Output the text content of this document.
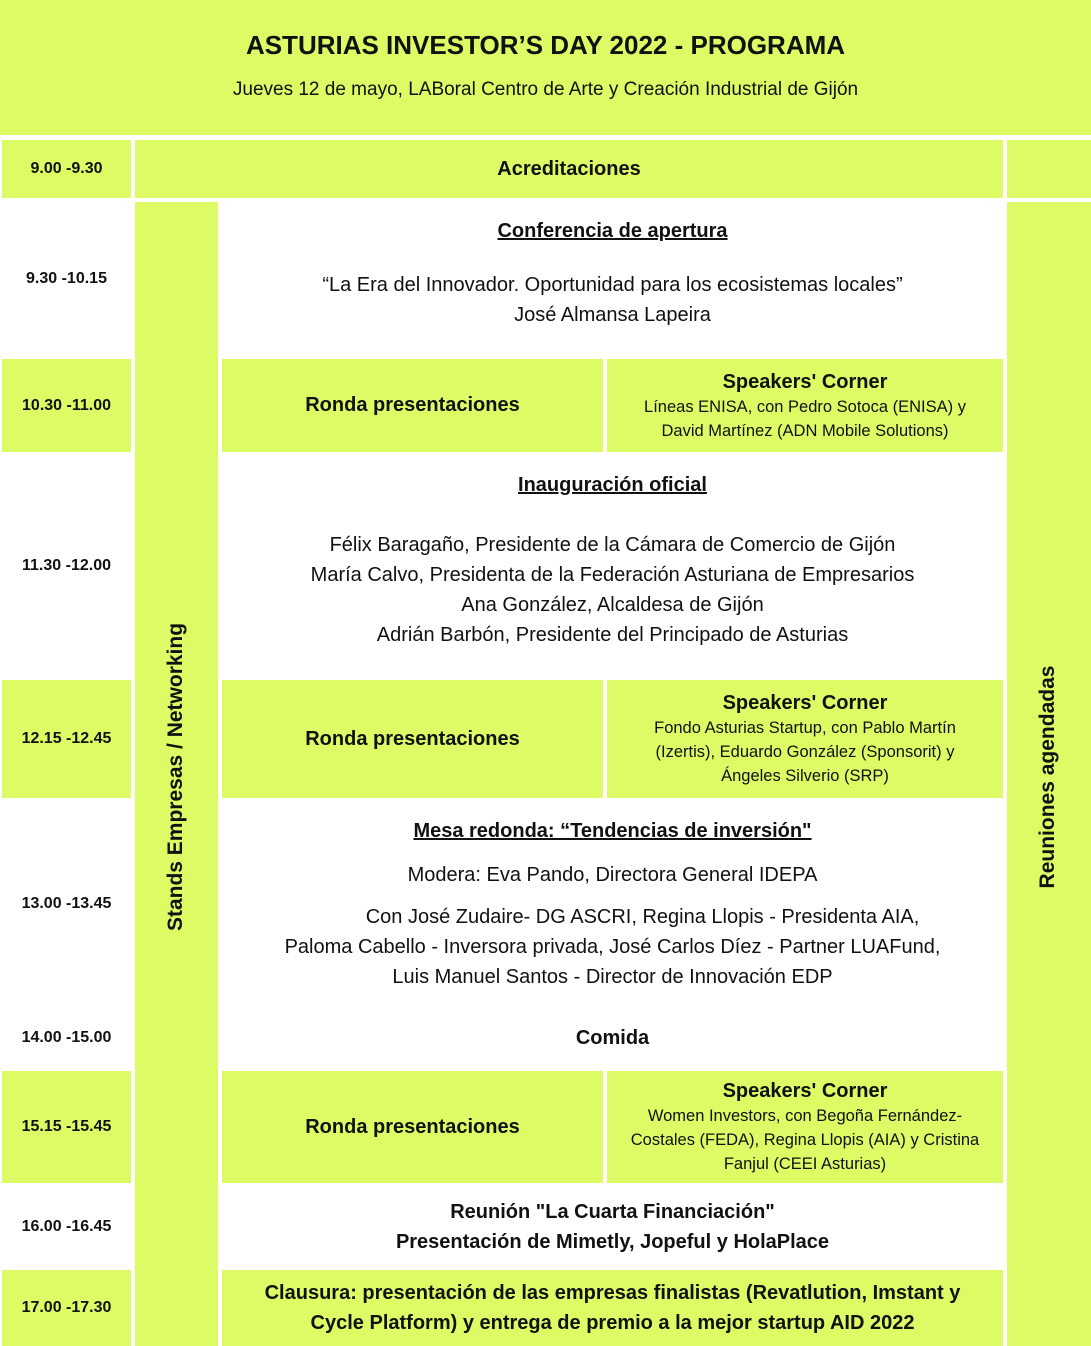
ASTURIAS INVESTOR’S DAY 2022 - PROGRAMA
Jueves 12 de mayo, LABoral Centro de Arte y Creación Industrial de Gijón
9.00 -9.30
9.30 -10.15
10.30 -11.00
11.30 -12.00
12.15 -12.45
13.00 -13.45
14.00 -15.00
15.15 -15.45
16.00 -16.45
17.00 -17.30
Acreditaciones
Stands Empresas / Networking	Reuniones agendadas
Conferencia de apertura
“La Era del Innovador. Oportunidad para los ecosistemas locales”
José Almansa Lapeira
Ronda presentaciones
Speakers' Corner
Líneas ENISA, con Pedro Sotoca (ENISA) y
David Martínez (ADN Mobile Solutions)
Inauguración oficial
Félix Baragaño, Presidente de la Cámara de Comercio de Gijón
María Calvo, Presidenta de la Federación Asturiana de Empresarios
Ana González, Alcaldesa de Gijón
Adrián Barbón, Presidente del Principado de Asturias
Ronda presentaciones
Speakers' Corner
Fondo Asturias Startup, con Pablo Martín
(Izertis), Eduardo González (Sponsorit) y
Ángeles Silverio (SRP)
Mesa redonda: “Tendencias de inversión"
Modera: Eva Pando, Directora General IDEPA
Con José Zudaire- DG ASCRI, Regina Llopis - Presidenta AIA,
Paloma Cabello - Inversora privada, José Carlos Díez - Partner LUAFund,
Luis Manuel Santos - Director de Innovación EDP
Comida
Ronda presentaciones
Speakers' Corner
Women Investors, con Begoña Fernández-
Costales (FEDA), Regina Llopis (AIA) y Cristina
Fanjul (CEEI Asturias)
Reunión "La Cuarta Financiación"
Presentación de Mimetly, Jopeful y HolaPlace
Clausura: presentación de las empresas finalistas (Revatlution, Imstant y
Cycle Platform) y entrega de premio a la mejor startup AID 2022
